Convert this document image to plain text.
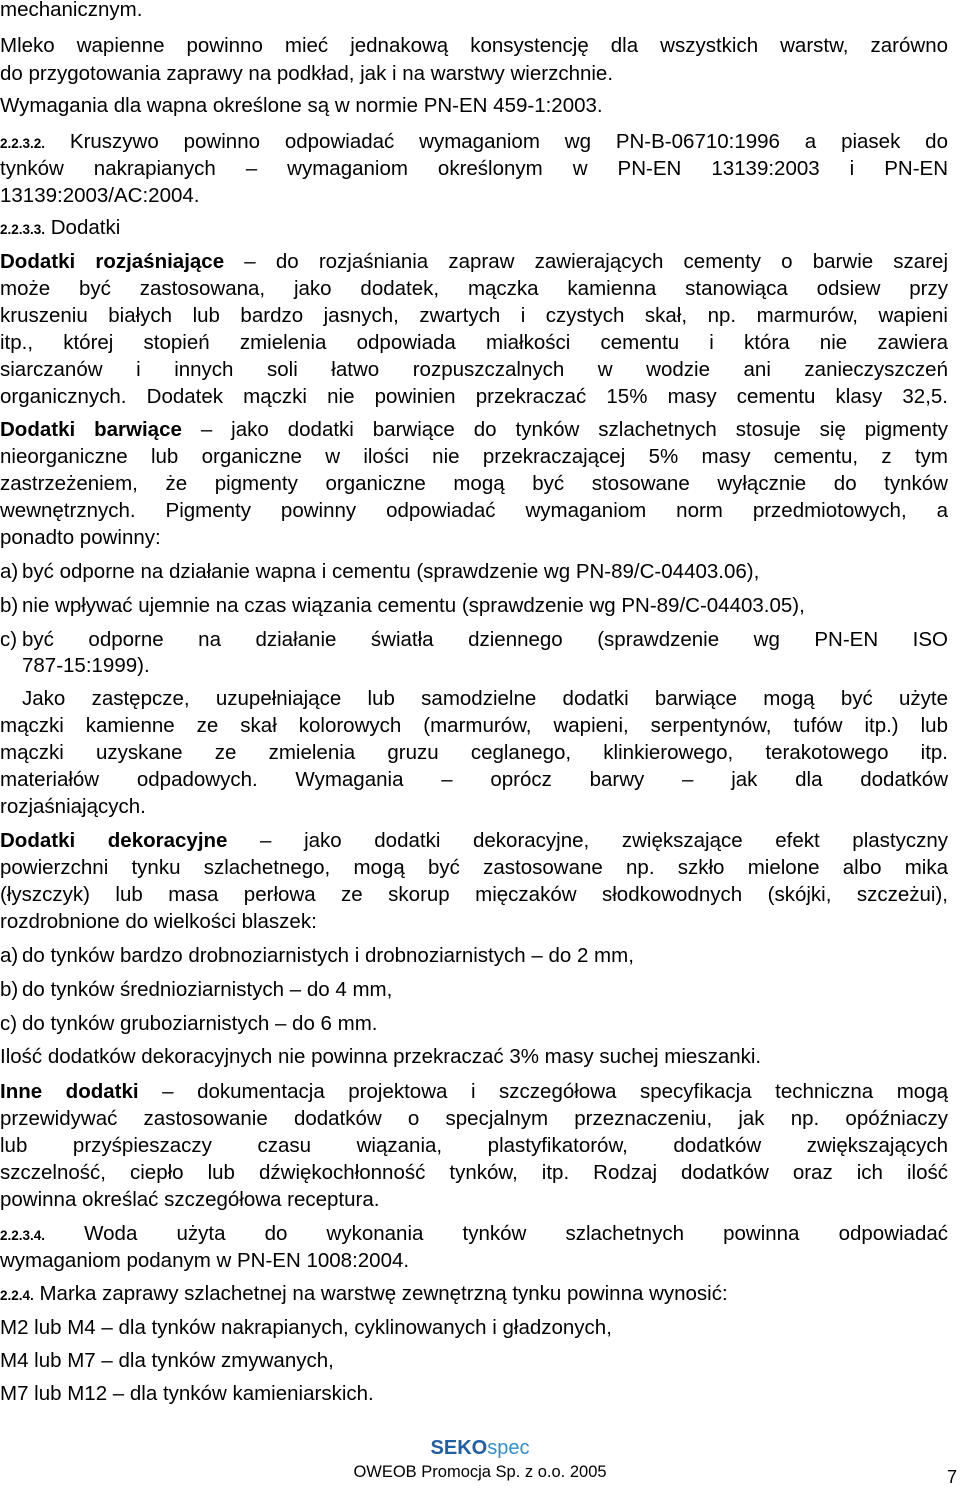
mechanicznym.
Mleko wapienne powinno mieć jednakową konsystencję dla wszystkich warstw, zarówno
do przygotowania zaprawy na podkład, jak i na warstwy wierzchnie.
Wymagania dla wapna określone są w normie PN-EN 459-1:2003.
2.2.3.2. Kruszywo powinno odpowiadać wymaganiom wg PN-B-06710:1996 a piasek do
tynków nakrapianych – wymaganiom określonym w PN-EN 13139:2003 i PN-EN
13139:2003/AC:2004.
2.2.3.3. Dodatki
Dodatki rozjaśniające – do rozjaśniania zapraw zawierających cementy o barwie szarej
może być zastosowana, jako dodatek, mączka kamienna stanowiąca odsiew przy
kruszeniu białych lub bardzo jasnych, zwartych i czystych skał, np. marmurów, wapieni
itp., której stopień zmielenia odpowiada miałkości cementu i która nie zawiera
siarczanów i innych soli łatwo rozpuszczalnych w wodzie ani zanieczyszczeń
organicznych. Dodatek mączki nie powinien przekraczać 15% masy cementu klasy 32,5.
Dodatki barwiące – jako dodatki barwiące do tynków szlachetnych stosuje się pigmenty
nieorganiczne lub organiczne w ilości nie przekraczającej 5% masy cementu, z tym
zastrzeżeniem, że pigmenty organiczne mogą być stosowane wyłącznie do tynków
wewnętrznych. Pigmenty powinny odpowiadać wymaganiom norm przedmiotowych, a
ponadto powinny:
a) być odporne na działanie wapna i cementu (sprawdzenie wg PN-89/C-04403.06),
b) nie wpływać ujemnie na czas wiązania cementu (sprawdzenie wg PN-89/C-04403.05),
c) być odporne na działanie światła dziennego (sprawdzenie wg PN-EN ISO
787-15:1999).
Jako zastępcze, uzupełniające lub samodzielne dodatki barwiące mogą być użyte
mączki kamienne ze skał kolorowych (marmurów, wapieni, serpentynów, tufów itp.) lub
mączki uzyskane ze zmielenia gruzu ceglanego, klinkierowego, terakotowego itp.
materiałów odpadowych. Wymagania – oprócz barwy – jak dla dodatków
rozjaśniających.
Dodatki dekoracyjne – jako dodatki dekoracyjne, zwiększające efekt plastyczny
powierzchni tynku szlachetnego, mogą być zastosowane np. szkło mielone albo mika
(łyszczyk) lub masa perłowa ze skorup mięczaków słodkowodnych (skójki, szczeżui),
rozdrobnione do wielkości blaszek:
a) do tynków bardzo drobnoziarnistych i drobnoziarnistych – do 2 mm,
b) do tynków średnioziarnistych – do 4 mm,
c) do tynków gruboziarnistych – do 6 mm.
Ilość dodatków dekoracyjnych nie powinna przekraczać 3% masy suchej mieszanki.
Inne dodatki – dokumentacja projektowa i szczegółowa specyfikacja techniczna mogą
przewidywać zastosowanie dodatków o specjalnym przeznaczeniu, jak np. opóźniaczy
lub przyśpieszaczy czasu wiązania, plastyfikatorów, dodatków zwiększających
szczelność, ciepło lub dźwiękochłonność tynków, itp. Rodzaj dodatków oraz ich ilość
powinna określać szczegółowa receptura.
2.2.3.4. Woda użyta do wykonania tynków szlachetnych powinna odpowiadać
wymaganiom podanym w PN-EN 1008:2004.
2.2.4. Marka zaprawy szlachetnej na warstwę zewnętrzną tynku powinna wynosić:
M2 lub M4 – dla tynków nakrapianych, cyklinowanych i gładzonych,
M4 lub M7 – dla tynków zmywanych,
M7 lub M12 – dla tynków kamieniarskich.
SEKOspec
OWEOB Promocja Sp. z o.o. 2005	7
